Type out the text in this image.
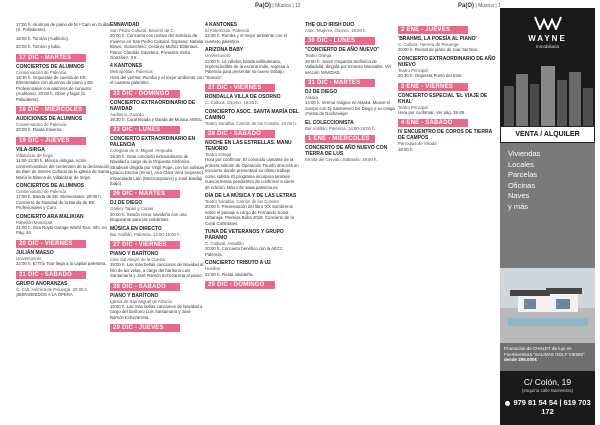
Pa(O) | Música | 12	Pa(O) | Música |
17:00 h. Alumnos de piano de M.ª Cam en Guillar (S. Polivalente).
18:00 h. Torotón (Auditorio).
20:00 h. Tomton y tuba.
17 DIC - MARTES
CONCIERTOS DE ALUMNOS
Conservatorio de Palencia
19:30 h. Orquestas de cuerda de EE. Elementales con alumnos de piano y EE. Profesionales con alumnos de conjunto (Auditorio). 20:00 h. Oboe y fagot (S. Polivalente).
18 DIC - MIÉRCOLES
AUDICIONES DE ALUMNOS
Conservatorio de Palencia
20:00 h. Flauta traversa.
19 DIC - JUEVES
VILA-SIRGA
Villalcázar de Sirga
11:00-13:30 h. Música antigua. Actos conmemorativos del centenario de la declaración de Bien de Interés Cultural de la iglesia de Santa María la Blanca de Villalcázar de Sirga.
CONCIERTOS DE ALUMNOS
Conservatorio de Palencia
17:00 h. Banda de EE. Elementales. 20:00 h. Concierto de Navidad de la Banda de EE. Profesionales y Coro.
CONCIERTO ARA MALIKIAN
Pabellón Municipal
21:00 h. Gira Royal Garage World Tour. Info. en Pág. 34.
20 DIC - VIERNES
JULIÁN MAESO
Universonoro
22:00 h. El Trío Tour llega a la capital palentina.
21 DIC - SÁBADO
GRUPO ANORANZAS
C. Cult. Herrera de Pisuerga. 20:00 h.
¡BIENVENIDOS A LA ÓPERA
ENNAVIDAD
San Pedro Cultural. Becerril de C.
20:00 h. Concierto con motivo del Solsticio de Invierno en San Pedro Cultural. Soprano: Natalia Bravo. Violonchelo: Cesáreo Muñoz Ebbinaos. Piano: Cándido Gavetero. Presenta: Erika González. 3 €
4 KANTONES
Metropolitan. Palencia
Hora del vermut. Rumba y el mejor ambiente con el cuarteto palentino.
22 DIC - DOMINGO
CONCIERTO EXTRAORDINARIO DE NAVIDAD
Auditorio, Guardo
19:30 h. Coral Boada y Banda de Música AMGu.
23 DIC - LUNES
CONCIERTO EXTRAORDINARIO EN PALENCIA
Colegiata de S. Miguel. Ampudia
19:30 h. Gran concierto extraordinario de Navidad a cargo de la Orquesta Sinfónica Stradivari dirigida por Virgil Pope, con los solistas Ignacio Encina (tenor), Ana Clara Vera (soprano), Inmaculada Lain (Mezzosoprano) y José Bardají (bajo).
26 DIC - MARTES
DJ DE DIEGO
Gallery Tapas y Copas
20:00 h. Sesión remix navideño con una bloqueante para las celebrities.
MÚSICA EN DIRECTO
Bar Antillán, Palencia. 14:00-16:00 h
27 DIC - VIERNES
PIANO Y BARÍTONO
Cine Sal Alegre de la Cuesta
19:00 h. Las más bellas canciones de Navidad al hilo de las velas, a cargo del barítono Luis Santamaría y José Ramón Echezarreta al piano.
28 DIC - SÁBADO
PIANO Y BARÍTONO
Iglesia de San Miguel de Alzucla
19:00 h. Las más bellas canciones de Navidad a cargo del barítono Luis Santamaría y José Ramón Echezarreta.
29 DIC - JUEVES
4 KANTONES
El Antenículo, Palencia
22:30 h. Rumba y el mejor ambiente con el cuarteto palentino.
ARIZONA BABY
Universonoro
22:00 h. La célebre banda vallisoletana, imprescindible de la escena indie, regresa a Palencia para presentar su nuevo trabajo "Sonoro".
27 DIC - VIERNES
RONDALLA VILLA DE OSORNO
C. Cultura, Osorno. 19:30 h.
CONCIERTO ASOC. SANTA MARÍA DEL CAMINO
Teatro Sanabia, Carrión de los Condes. 20:00 h.
28 DIC - SÁBADO
NOCHE EN LAS ESTRELLAS. MANU TENORIO
Teatro Ortega
Hora por confirmar. El conocido cantante de la primera edición de Operación Triunfo ofrecerá un concierto donde presentará su último trabajo como solista. El programa incorpora también nuevos temas pendientes de confirmar a cierre de edición. Más info: www.palencia.es
DÍA DE LA MÚSICA Y DE LAS LETRAS
Teatro Sanabia, Carrión de los Condes
20:00 h. Presentación del libro 'XX Sombreros sobre el paisaje a cargo de Fernando Sonia Urbaneja. Premios Bidra 2019. Concierto de la Coral Contrastes.
TUNA DE VETERANOS Y GRUPO PÁRAMO
C. Cultural, Astudillo
20:00 h. Concierto benéfico con la AECC Palencia.
CONCIERTO TRIBUTO A U2
Husillos
22:00 h. Fiesta navideña.
29 DIC - DOMINGO
THE OLD IRISH DUO
Asoc. Mujeres, Osorno. 19:00 h.
30 DIC - LUNES
"CONCIERTO DE AÑO NUEVO"
Teatro Ortega
19:00 h. Joven Orquesta Sinfónica de Valladolid, dirigida por Ernesto Monsalve. Ver sección NAVIDAD.
31 DIC - MARTES
DJ DE DIEGO
Alaska
14:00 h. Vermut mágico en Alaska. Mueve el cuerpo con Dj Santomero De Diego y su conga ¡Fiesta de Nochevieja!
EL COLECCIONISTA
Bar Antillán, Palencia. 14:00-16:00 h
1 ENE - MIÉRCOLES
CONCIERTO DE AÑO NUEVO CON TIERRA DE LUS
Ermita del Cervato, Baltanás. 19:00 h.
2 ENE - JUEVES
'BRAHMS, LA POESÍA AL PIANO'
C. Cultura, Herrera de Pisuerga
20:00 h. Recital de piano de Iciar Serrano.
CONCIERTO EXTRAORDINARIO DE AÑO NUEVO
Teatro Principal
20:30 h. Orquesta Punto del Este.
3 ENE - VIERNES
CONCIERTO ESPECIAL 'EL VIAJE DE KHAL'
Teatro Principal
Hora por confirmar. Ver pág. 28-29.
4 ENE - SÁBADO
IV ENCUENTRO DE COROS DE TIERRA DE CAMPOS
Parroquia de Villada
18:00 h.
WAYNE
Inmobiliaria
VENTA / ALQUILER
Viviendas
Locales
Parcelas
Oficinas
Naves
y más
Promoción de CHALET de lujo en Fuerteventura "SALINAS GOLF VIEWS"
desde 295.000€
C/ Colón, 19
(esquina calle Barrientos)
979 81 54 54 | 619 703 172
